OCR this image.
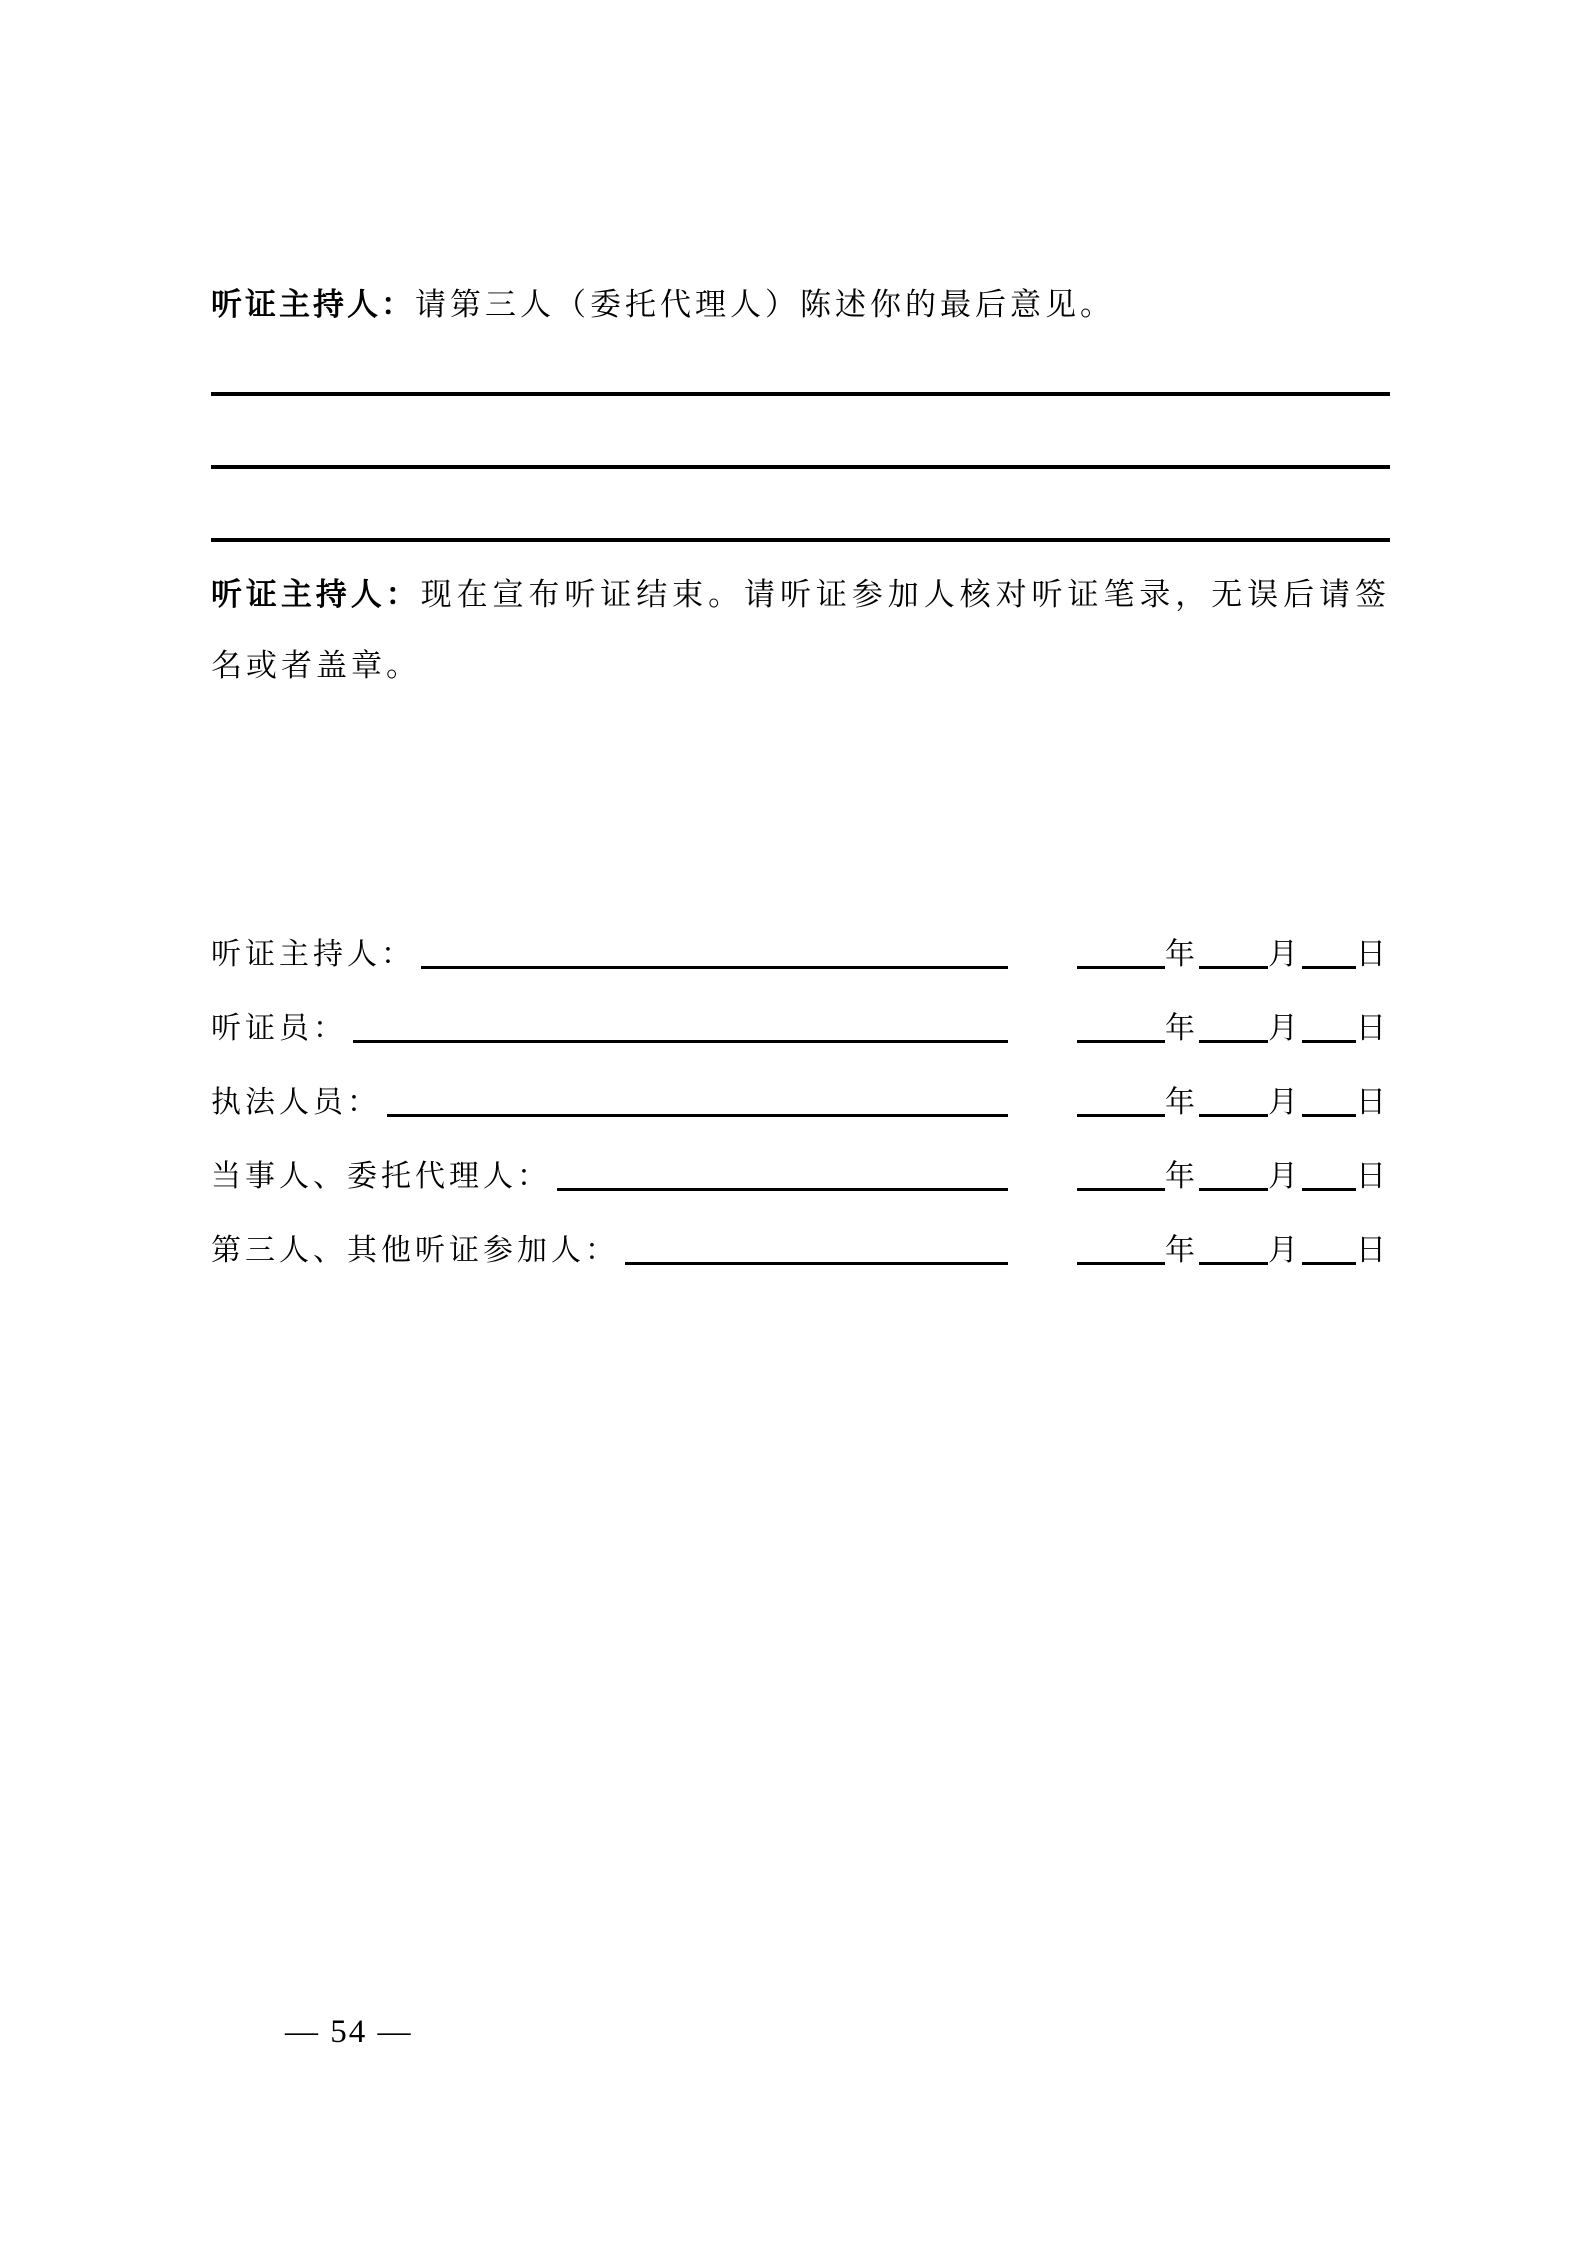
听证主持人：请第三人（委托代理人）陈述你的最后意见。

听证主持人：现在宣布听证结束。请听证参加人核对听证笔录，无误后请签名或者盖章。

听证主持人：	年 月 日
听证员：	年 月 日
执法人员：	年 月 日
当事人、委托代理人：	年 月 日
第三人、其他听证参加人：	年 月 日
— 54 —
